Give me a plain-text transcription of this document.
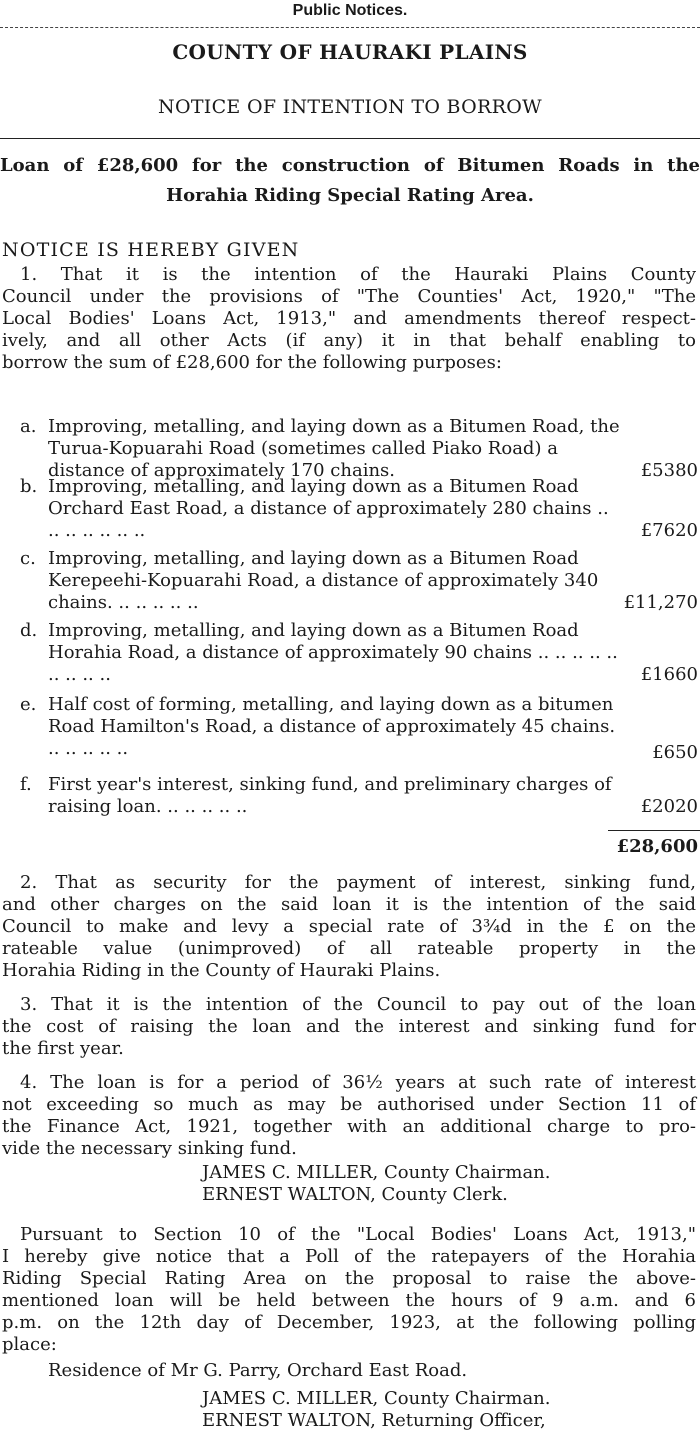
Public Notices.
COUNTY OF HAURAKI PLAINS
NOTICE OF INTENTION TO BORROW
Loan of £28,600 for the construction of Bitumen Roads in the
Horahia Riding Special Rating Area.
NOTICE IS HEREBY GIVEN
1. That it is the intention of the Hauraki Plains County
Council under the provisions of "The Counties' Act, 1920," "The
Local Bodies' Loans Act, 1913," and amendments thereof respect-
ively, and all other Acts (if any) it in that behalf enabling to
borrow the sum of £28,600 for the following purposes:
a. Improving, metalling, and laying down as a Bitumen Road, the Turua-Kopuarahi Road (sometimes called Piako Road) a distance of approximately 170 chains.	£5380
b. Improving, metalling, and laying down as a Bitumen Road Orchard East Road, a distance of approximately 280 chains .. .. .. .. .. .. ..	£7620
c. Improving, metalling, and laying down as a Bitumen Road Kerepeehi-Kopuarahi Road, a distance of approximately 340 chains. .. .. .. .. ..	£11,270
d. Improving, metalling, and laying down as a Bitumen Road Horahia Road, a distance of approximately 90 chains .. .. .. .. .. .. .. .. ..	£1660
e. Half cost of forming, metalling, and laying down as a bitumen Road Hamilton's Road, a distance of approximately 45 chains. .. .. .. .. ..	£650
f. First year's interest, sinking fund, and preliminary charges of raising loan. .. .. .. .. ..	£2020
£28,600
2. That as security for the payment of interest, sinking fund,
and other charges on the said loan it is the intention of the said
Council to make and levy a special rate of 3¾d in the £ on the
rateable value (unimproved) of all rateable property in the
Horahia Riding in the County of Hauraki Plains.
3. That it is the intention of the Council to pay out of the loan
the cost of raising the loan and the interest and sinking fund for
the first year.
4. The loan is for a period of 36½ years at such rate of interest
not exceeding so much as may be authorised under Section 11 of
the Finance Act, 1921, together with an additional charge to pro-
vide the necessary sinking fund.
JAMES C. MILLER, County Chairman.
ERNEST WALTON, County Clerk.
Pursuant to Section 10 of the "Local Bodies' Loans Act, 1913,"
I hereby give notice that a Poll of the ratepayers of the Horahia
Riding Special Rating Area on the proposal to raise the above-
mentioned loan will be held between the hours of 9 a.m. and 6
p.m. on the 12th day of December, 1923, at the following polling
place:
Residence of Mr G. Parry, Orchard East Road.
JAMES C. MILLER, County Chairman.
ERNEST WALTON, Returning Officer,
